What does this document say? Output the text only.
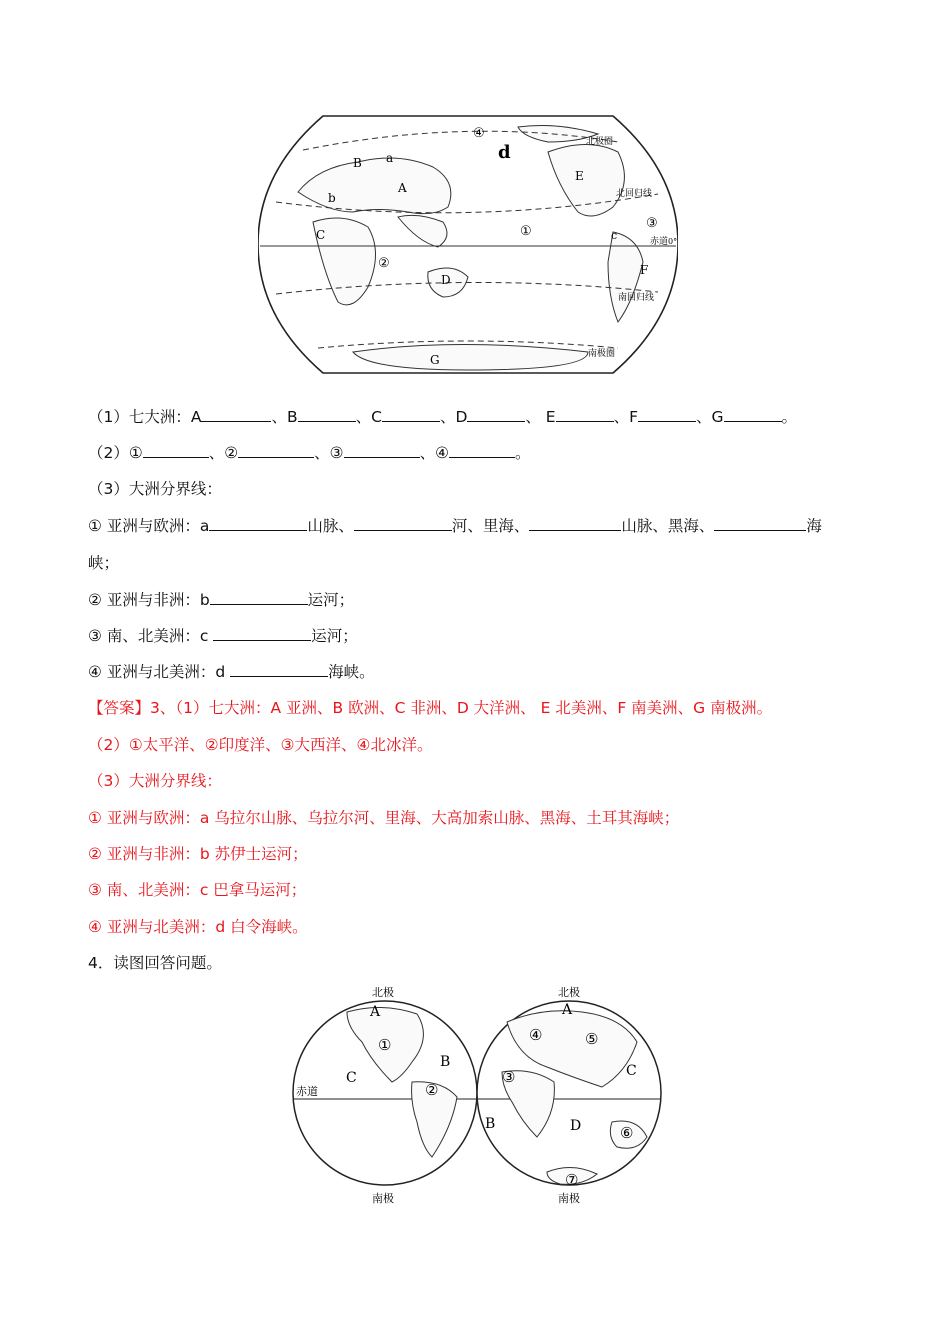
①
②
③
④
A
B
C
D
E
F
G
a
b
c
d	北极圈
北回归线
赤道 0°
南回归线
南极圈
（1）七大洲：A	、B	、C	、D	、 E	、F	、G	。
（2）①	、②	、③	、④	。
（3）大洲分界线：
① 亚洲与欧洲：a	山脉、	河、里海、	山脉、黑海、	海
峡；
② 亚洲与非洲：b	运河；
③ 南、北美洲：c	运河；
④ 亚洲与北美洲：d	海峡。
【答案】3、（1）七大洲：A 亚洲、B 欧洲、C 非洲、D 大洋洲、 E 北美洲、F 南美洲、G 南极洲。
（2）①太平洋、②印度洋、③大西洋、④北冰洋。
（3）大洲分界线：
① 亚洲与欧洲：a 乌拉尔山脉、乌拉尔河、里海、大高加索山脉、黑海、土耳其海峡；
② 亚洲与非洲：b 苏伊士运河；
③ 南、北美洲：c 巴拿马运河；
④ 亚洲与北美洲：d 白令海峡。
4．读图回答问题。
北极
南极
北极
南极
赤道
A
B
C
①
②
A
B
C
D
③
④	⑤
⑥
⑦
